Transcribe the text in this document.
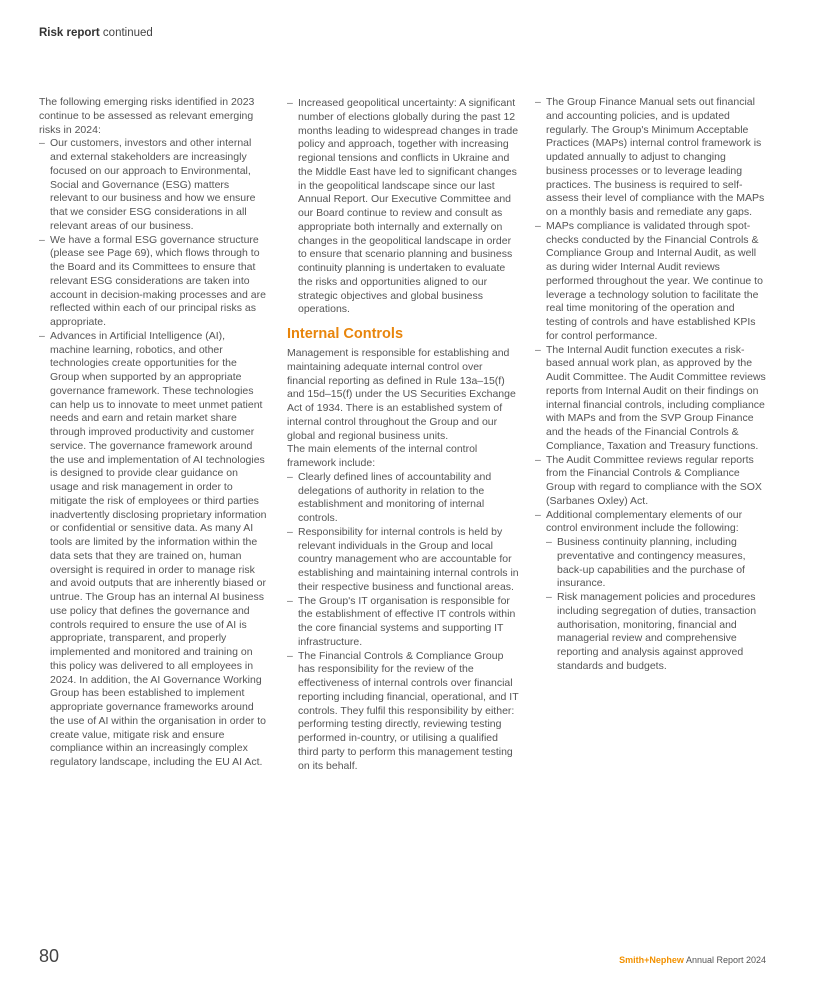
Risk report continued

The following emerging risks identified in 2023 continue to be assessed as relevant emerging risks in 2024:

– Our customers, investors and other internal and external stakeholders are increasingly focused on our approach to Environmental, Social and Governance (ESG) matters relevant to our business and how we ensure that we consider ESG considerations in all relevant areas of our business.
– We have a formal ESG governance structure (please see Page 69), which flows through to the Board and its Committees to ensure that relevant ESG considerations are taken into account in decision-making processes and are reflected within each of our principal risks as appropriate.
– Advances in Artificial Intelligence (AI), machine learning, robotics, and other technologies create opportunities for the Group when supported by an appropriate governance framework. These technologies can help us to innovate to meet unmet patient needs and earn and retain market share through improved productivity and customer service. The governance framework around the use and implementation of AI technologies is designed to provide clear guidance on usage and risk management in order to mitigate the risk of employees or third parties inadvertently disclosing proprietary information or confidential or sensitive data. As many AI tools are limited by the information within the data sets that they are trained on, human oversight is required in order to manage risk and avoid outputs that are inherently biased or untrue. The Group has an internal AI business use policy that defines the governance and controls required to ensure the use of AI is appropriate, transparent, and properly implemented and monitored and training on this policy was delivered to all employees in 2024. In addition, the AI Governance Working Group has been established to implement appropriate governance frameworks around the use of AI within the organisation in order to create value, mitigate risk and ensure compliance within an increasingly complex regulatory landscape, including the EU AI Act.
– Increased geopolitical uncertainty: A significant number of elections globally during the past 12 months leading to widespread changes in trade policy and approach, together with increasing regional tensions and conflicts in Ukraine and the Middle East have led to significant changes in the geopolitical landscape since our last Annual Report. Our Executive Committee and our Board continue to review and consult as appropriate both internally and externally on changes in the geopolitical landscape in order to ensure that scenario planning and business continuity planning is undertaken to evaluate the risks and opportunities aligned to our strategic objectives and global business operations.
Internal Controls

Management is responsible for establishing and maintaining adequate internal control over financial reporting as defined in Rule 13a–15(f) and 15d–15(f) under the US Securities Exchange Act of 1934. There is an established system of internal control throughout the Group and our global and regional business units.

The main elements of the internal control framework include:

– Clearly defined lines of accountability and delegations of authority in relation to the establishment and monitoring of internal controls.
– Responsibility for internal controls is held by relevant individuals in the Group and local country management who are accountable for establishing and maintaining internal controls in their respective business and functional areas.
– The Group's IT organisation is responsible for the establishment of effective IT controls within the core financial systems and supporting IT infrastructure.
– The Financial Controls & Compliance Group has responsibility for the review of the effectiveness of internal controls over financial reporting including financial, operational, and IT controls. They fulfil this responsibility by either: performing testing directly, reviewing testing performed in-country, or utilising a qualified third party to perform this management testing on its behalf.
– The Group Finance Manual sets out financial and accounting policies, and is updated regularly. The Group's Minimum Acceptable Practices (MAPs) internal control framework is updated annually to adjust to changing business processes or to leverage leading practices. The business is required to self-assess their level of compliance with the MAPs on a monthly basis and remediate any gaps.
– MAPs compliance is validated through spot-checks conducted by the Financial Controls & Compliance Group and Internal Audit, as well as during wider Internal Audit reviews performed throughout the year. We continue to leverage a technology solution to facilitate the real time monitoring of the operation and testing of controls and have established KPIs for control performance.
– The Internal Audit function executes a risk-based annual work plan, as approved by the Audit Committee. The Audit Committee reviews reports from Internal Audit on their findings on internal financial controls, including compliance with MAPs and from the SVP Group Finance and the heads of the Financial Controls & Compliance, Taxation and Treasury functions.
– The Audit Committee reviews regular reports from the Financial Controls & Compliance Group with regard to compliance with the SOX (Sarbanes Oxley) Act.
– Additional complementary elements of our control environment include the following:
– Business continuity planning, including preventative and contingency measures, back-up capabilities and the purchase of insurance.
– Risk management policies and procedures including segregation of duties, transaction authorisation, monitoring, financial and managerial review and comprehensive reporting and analysis against approved standards and budgets.
80	Smith+Nephew Annual Report 2024
